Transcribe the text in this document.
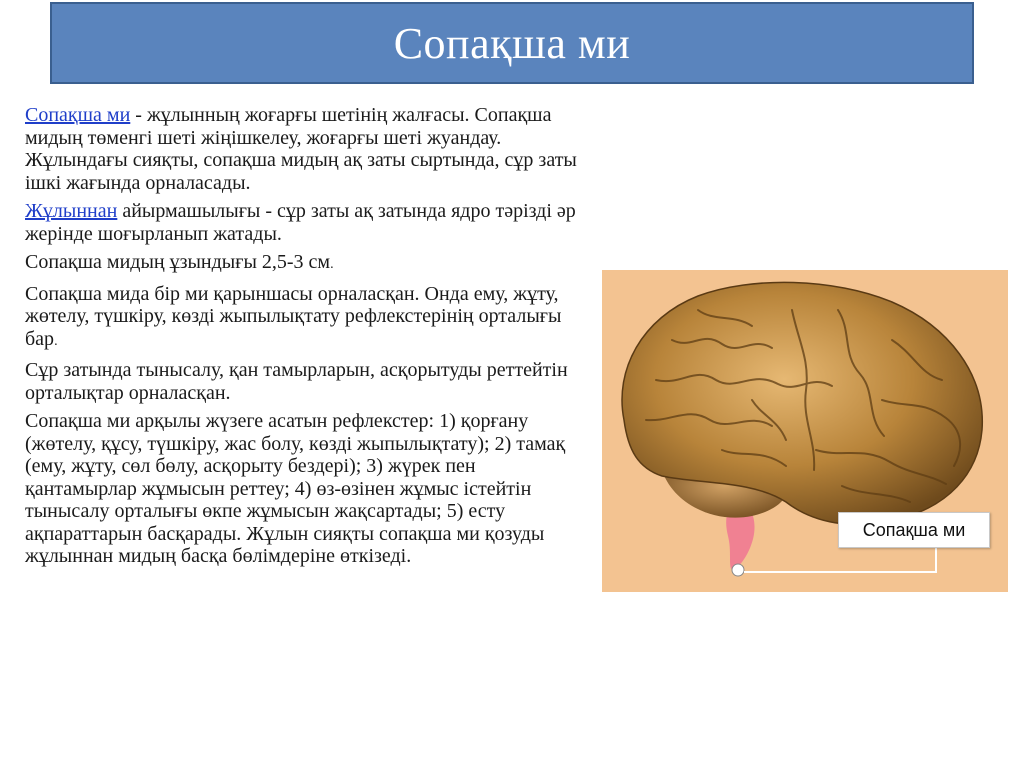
Сопақша ми

Сопақша ми - жұлынның жоғарғы шетінің жалғасы. Сопақша мидың төменгі шеті жіңішкелеу, жоғарғы шеті жуандау. Жұлындағы сияқты, сопақша мидың ақ заты сыртында, сұр заты ішкі жағында орналасады.

Жұлыннан айырмашылығы - сұр заты ақ затында ядро тәрізді әр жерінде шоғырланып жатады.

Сопақша мидың ұзындығы 2,5-3 см.

Сопақша мида бір ми қарыншасы орналасқан. Онда ему, жұту, жөтелу, түшкіру, көзді жыпылықтату рефлекстерінің орталығы бар.

Сұр затында тынысалу, қан тамырларын, асқорытуды реттейтін орталықтар орналасқан.

Сопақша ми арқылы жүзеге асатын рефлекстер: 1) қорғану (жөтелу, құсу, түшкіру, жас болу, көзді жыпылықтату); 2) тамақ (ему, жұту, сөл бөлу, асқорыту бездері); 3) жүрек пен қантамырлар жұмысын реттеу; 4) өз-өзінен жұмыс істейтін тынысалу орталығы өкпе жұмысын жақсартады; 5) есту ақпараттарын басқарады. Жұлын сияқты сопақша ми қозуды жұлыннан мидың басқа бөлімдеріне өткізеді.

Сопақша ми
